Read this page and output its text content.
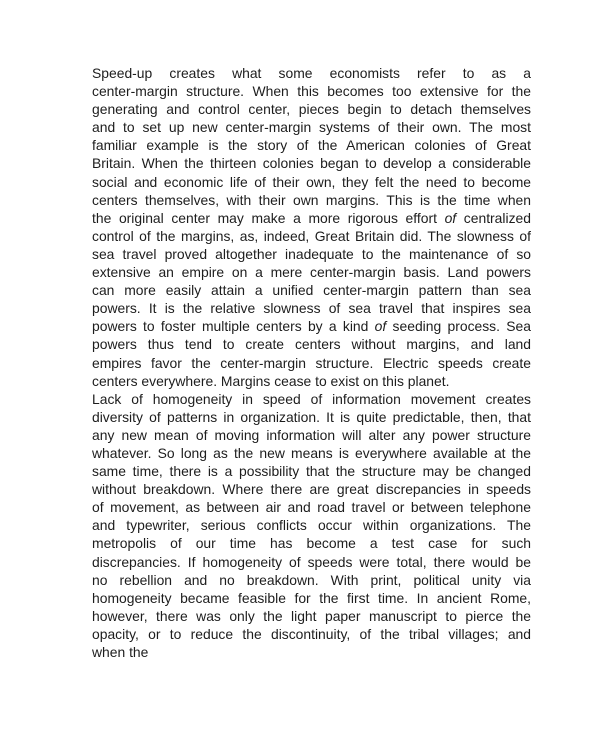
Speed-up creates what some economists refer to as a
center-margin structure. When this becomes too extensive for the
generating and control center, pieces begin to detach themselves
and to set up new center-margin systems of their own. The most
familiar example is the story of the American colonies of Great
Britain. When the thirteen colonies began to develop a considerable
social and economic life of their own, they felt the need to become
centers themselves, with their own margins. This is the time when
the original center may make a more rigorous effort of centralized
control of the margins, as, indeed, Great Britain did. The slowness of
sea travel proved altogether inadequate to the maintenance of so
extensive an empire on a mere center-margin basis. Land powers
can more easily attain a unified center-margin pattern than sea
powers. It is the relative slowness of sea travel that inspires sea
powers to foster multiple centers by a kind of seeding process. Sea
powers thus tend to create centers without margins, and land
empires favor the center-margin structure. Electric speeds create
centers everywhere. Margins cease to exist on this planet.
Lack of homogeneity in speed of information movement creates
diversity of patterns in organization. It is quite predictable, then, that
any new mean of moving information will alter any power structure
whatever. So long as the new means is everywhere available at the
same time, there is a possibility that the structure may be changed
without breakdown. Where there are great discrepancies in speeds
of movement, as between air and road travel or between telephone
and typewriter, serious conflicts occur within organizations. The
metropolis of our time has become a test case for such
discrepancies. If homogeneity of speeds were total, there would be
no rebellion and no breakdown. With print, political unity via
homogeneity became feasible for the first time. In ancient Rome,
however, there was only the light paper manuscript to pierce the
opacity, or to reduce the discontinuity, of the tribal villages; and
when the
